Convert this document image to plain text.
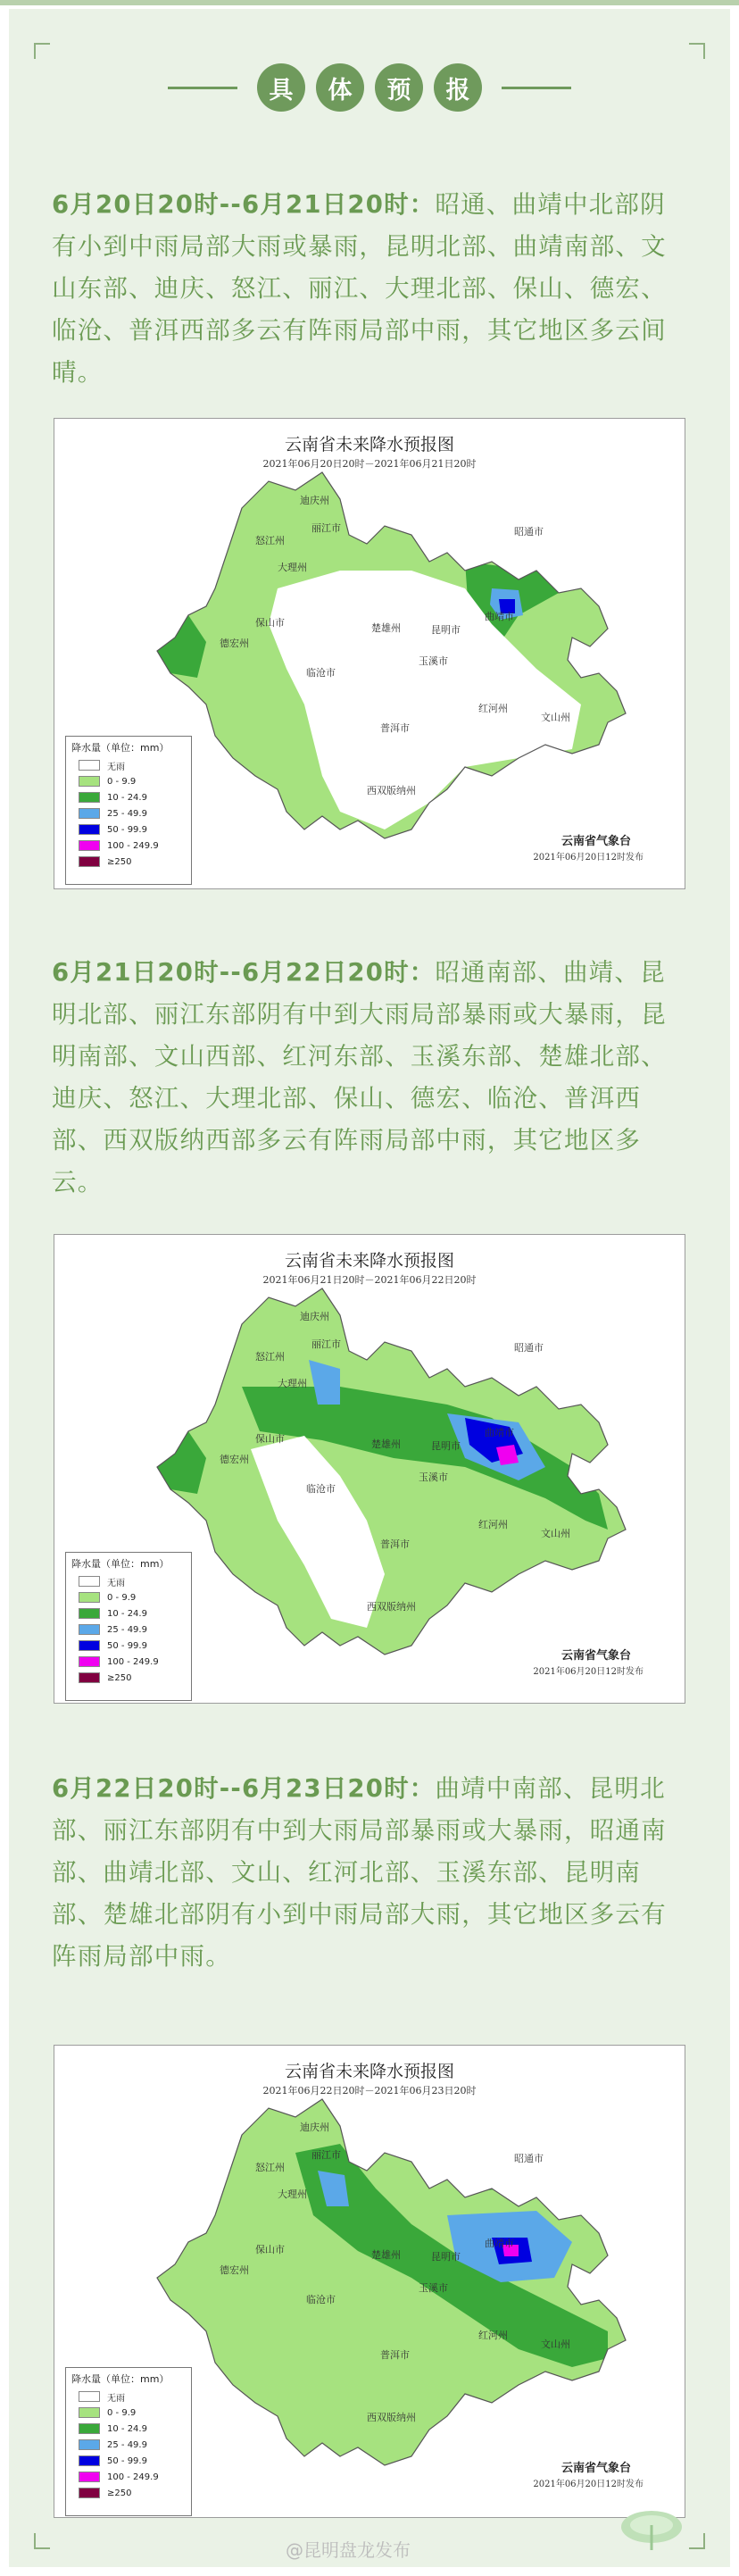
具	体	预	报
6月20日20时--6月21日20时：昭通、曲靖中北部阴有小到中雨局部大雨或暴雨，昆明北部、曲靖南部、文山东部、迪庆、怒江、丽江、大理北部、保山、德宏、临沧、普洱西部多云有阵雨局部中雨，其它地区多云间晴。
迪庆州
丽江市
怒江州
大理州
保山市
德宏州
临沧市
楚雄州	昆明市
玉溪市
曲靖市
昭通市
普洱市
红河州
文山州
西双版纳州
云南省未来降水预报图
2021年06月20日20时－2021年06月21日20时
降水量（单位：mm）
无雨
0 - 9.9
10 - 24.9
25 - 49.9
50 - 99.9
100 - 249.9
≥250
云南省气象台
2021年06月20日12时发布
6月21日20时--6月22日20时：昭通南部、曲靖、昆明北部、丽江东部阴有中到大雨局部暴雨或大暴雨，昆明南部、文山西部、红河东部、玉溪东部、楚雄北部、迪庆、怒江、大理北部、保山、德宏、临沧、普洱西部、西双版纳西部多云有阵雨局部中雨，其它地区多云。
迪庆州
丽江市
怒江州
大理州
保山市
德宏州
临沧市
楚雄州	昆明市
玉溪市
曲靖市
昭通市
普洱市
红河州
文山州
西双版纳州
云南省未来降水预报图
2021年06月21日20时－2021年06月22日20时
降水量（单位：mm）
无雨
0 - 9.9
10 - 24.9
25 - 49.9
50 - 99.9
100 - 249.9
≥250
云南省气象台
2021年06月20日12时发布
6月22日20时--6月23日20时：曲靖中南部、昆明北部、丽江东部阴有中到大雨局部暴雨或大暴雨，昭通南部、曲靖北部、文山、红河北部、玉溪东部、昆明南部、楚雄北部阴有小到中雨局部大雨，其它地区多云有阵雨局部中雨。
迪庆州
丽江市
怒江州
大理州
保山市
德宏州
临沧市
楚雄州	昆明市
玉溪市
曲靖市
昭通市
普洱市
红河州
文山州
西双版纳州
云南省未来降水预报图
2021年06月22日20时－2021年06月23日20时
降水量（单位：mm）
无雨
0 - 9.9
10 - 24.9
25 - 49.9
50 - 99.9
100 - 249.9
≥250
云南省气象台
2021年06月20日12时发布
@昆明盘龙发布
